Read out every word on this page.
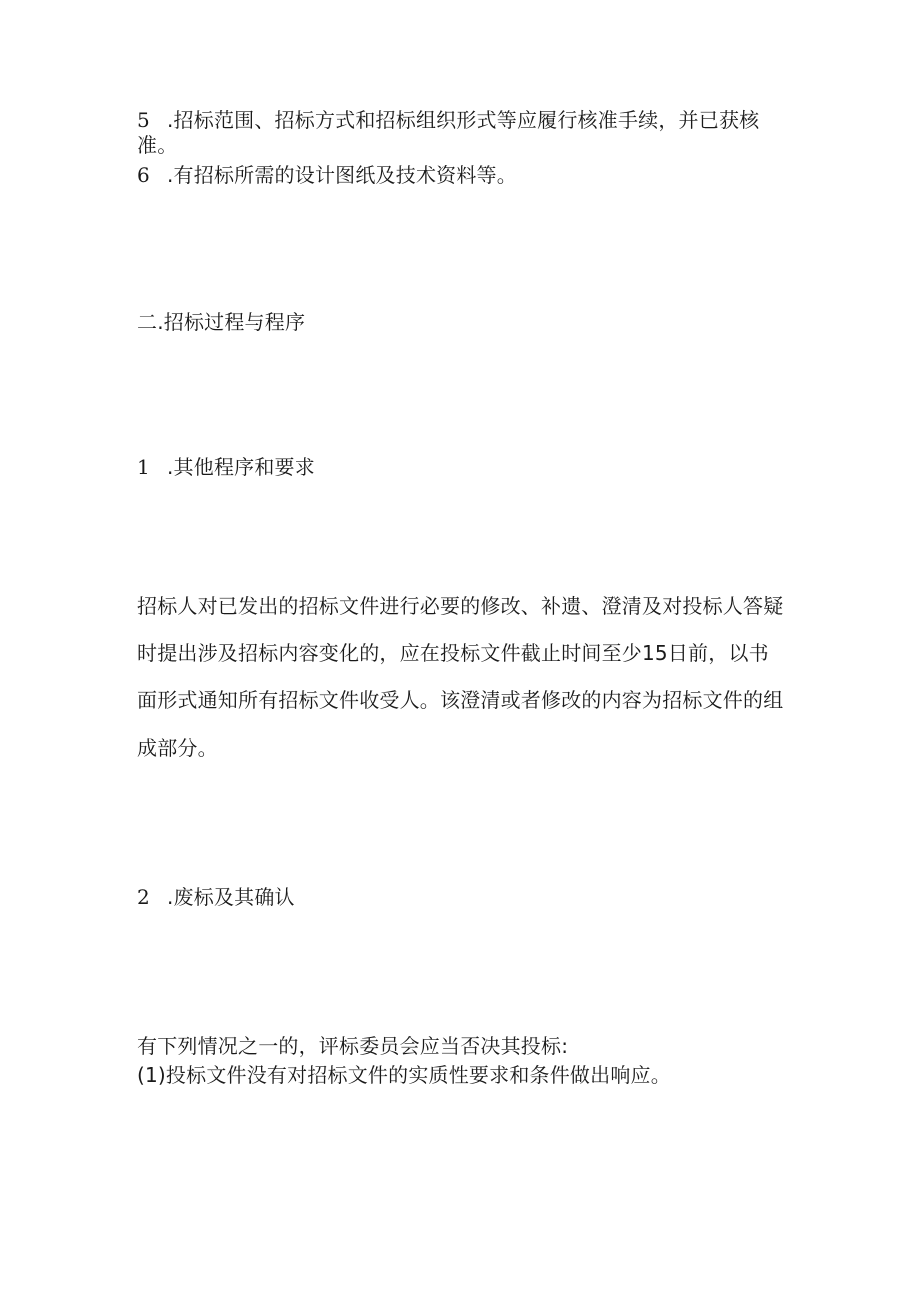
5 .招标范围、招标方式和招标组织形式等应履行核准手续，并已获核
准。
6 .有招标所需的设计图纸及技术资料等。
二.招标过程与程序
1 .其他程序和要求
招标人对已发出的招标文件进行必要的修改、补遗、澄清及对投标人答疑
时提出涉及招标内容变化的，应在投标文件截止时间至少15日前，以书
面形式通知所有招标文件收受人。该澄清或者修改的内容为招标文件的组
成部分。
2 .废标及其确认
有下列情况之一的，评标委员会应当否决其投标:
(1)投标文件没有对招标文件的实质性要求和条件做出响应。
